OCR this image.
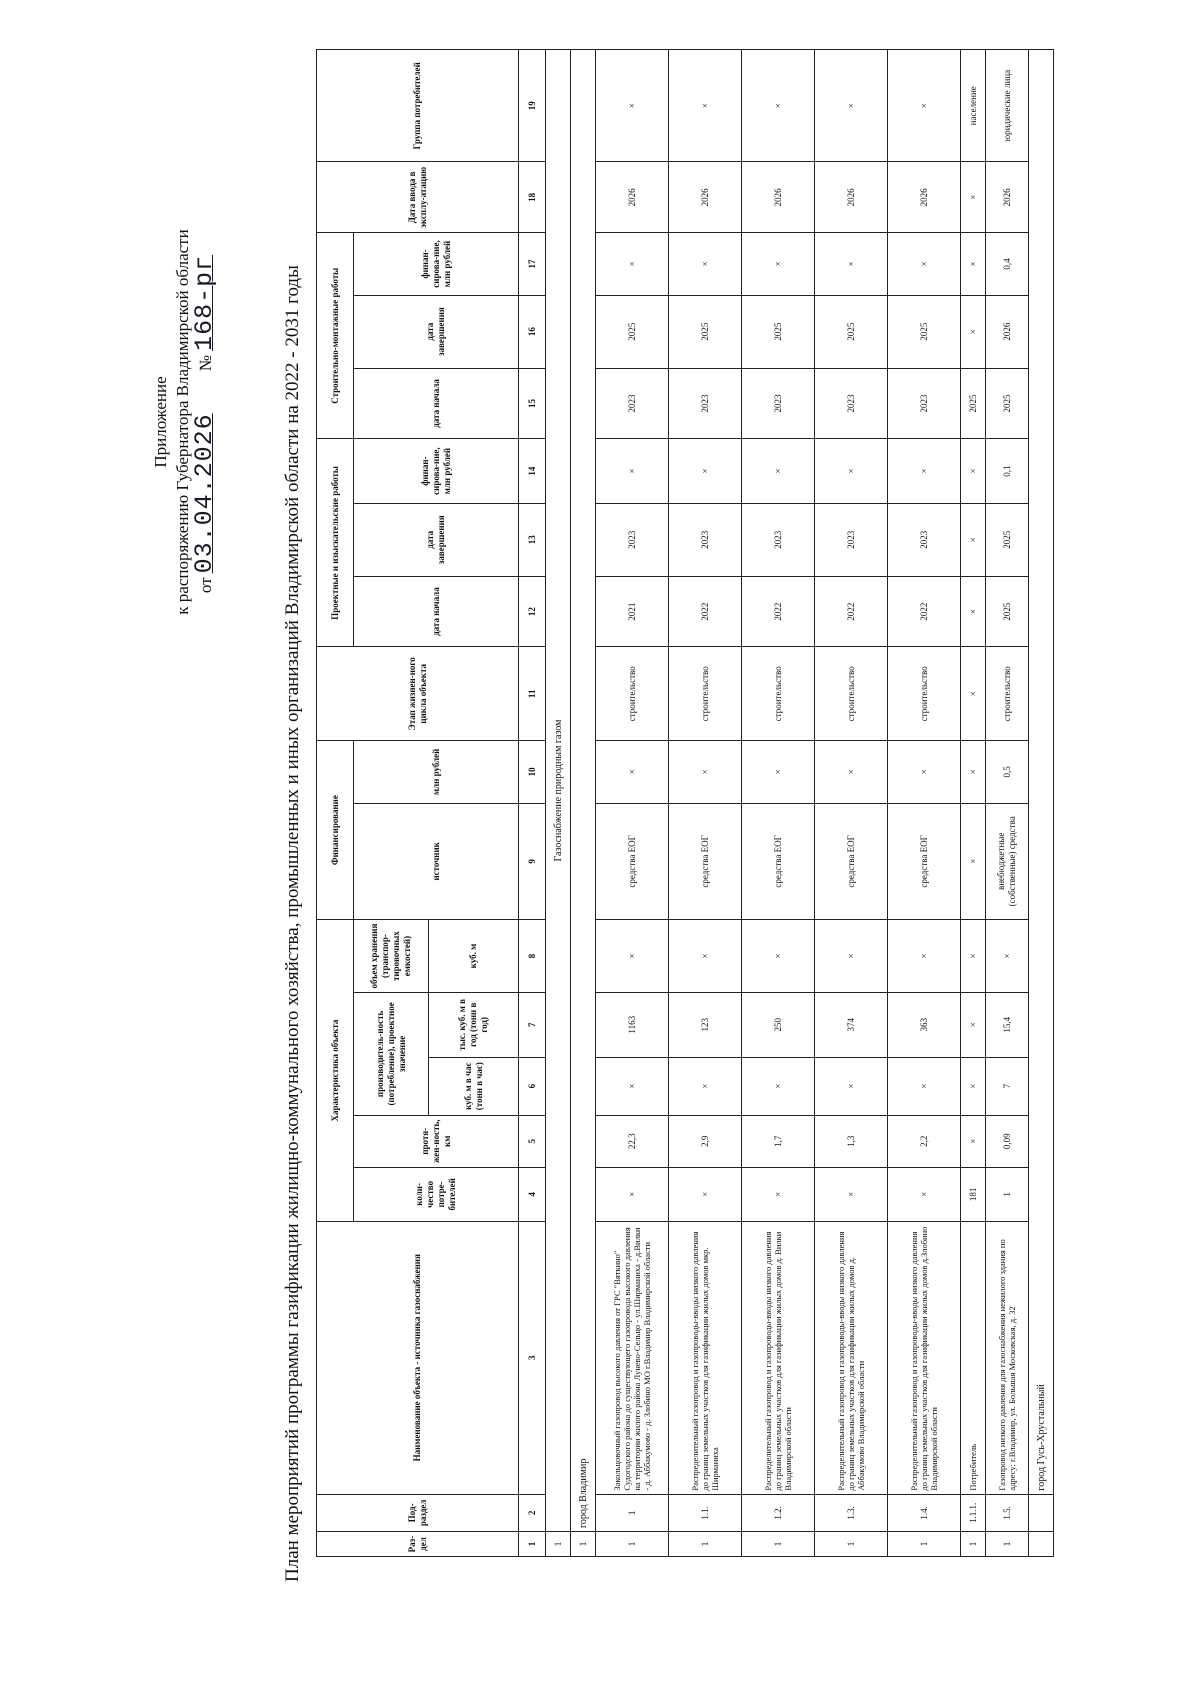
Приложение к распоряжению Губернатора Владимирской области от03.04.2026         №168-рг	План мероприятий программы газификации жилищно-коммунального хозяйства, промышленных и иных организаций Владимирской области на 2022 - 2031 годы	Раз-дел	Под-раздел	Наименование объекта - источника газоснабжения	Характеристика объекта					Финансирование		Этап жизнен-ного цикла объекта	Проектные и изыскательские работы			Строительно-монтажные работы			Дата ввода в эксплу-атацию	Группа потребителей
			коли-чество потре-бителей	протя-жен-ность, км	производитель-ность (потребление), проектное значение		объем хранения (транспор-тировочных емкостей)	источник	млн рублей		дата начала	дата завершения	финан-сирова-ние, млн рублей	дата начала	дата завершения	финан-сирова-ние, млн рублей		
					куб. м в час (тонн в час)	тыс. куб. м в год (тонн в год)	куб. м											
1	2	3	4	5	6	7	8	9	10	11	12	13	14	15	16	17	18	19
1	Газоснабжение природным газом																	
1	город Владимир																	
1	1	Закольцовочный газопровод высокого давления от ГРС "Вяткино" Судогодского района до существующего газопровода высокого давления на территории жилого района Лунево-Сельцо - ул.Ширманиха - д.Вилки - д. Аббакумово - д. Злобино МО г.Владимир Владимирской области	×	22,3	×	1163	×	средства ЕОГ	×	строительство	2021	2023	×	2023	2025	×	2026	×
1	1.1.	Распределительный газопровод и газопроводы-вводы низкого давления до границ земельных участков для газификации жилых домов мкр. Ширманиха	×	2,9	×	123	×	средства ЕОГ	×	строительство	2022	2023	×	2023	2025	×	2026	×
1	1.2.	Распределительный газопровод и газопроводы-вводы низкого давления до границ земельных участков для газификации жилых домов д. Вилки Владимирской области	×	1,7	×	250	×	средства ЕОГ	×	строительство	2022	2023	×	2023	2025	×	2026	×
1	1.3.	Распределительный газопровод и газопроводы-вводы низкого давления до границ земельных участков для газификации жилых домов д. Аббакумово Владимирской области	×	1,3	×	374	×	средства ЕОГ	×	строительство	2022	2023	×	2023	2025	×	2026	×
1	1.4.	Распределительный газопровод и газопроводы-вводы низкого давления до границ земельных участков для газификации жилых домов д.Злобино Владимирской области	×	2,2	×	363	×	средства ЕОГ	×	строительство	2022	2023	×	2023	2025	×	2026	×
1	1.1.1.	Потребитель	181	×	×	×	×	×	×	×	×	×	×	2025	×	×	×	население
1	1.5.	Газопровод низкого давления для газоснабжения нежилого здания по адресу: г.Владимир, ул. Большая Московская, д. 32	1	0,09	7	15,4	×	внебюджетные (собственные) средства	0,5	строительство	2025	2025	0,1	2025	2026	0,4	2026	юридические лица
		город Гусь-Хрустальный																
